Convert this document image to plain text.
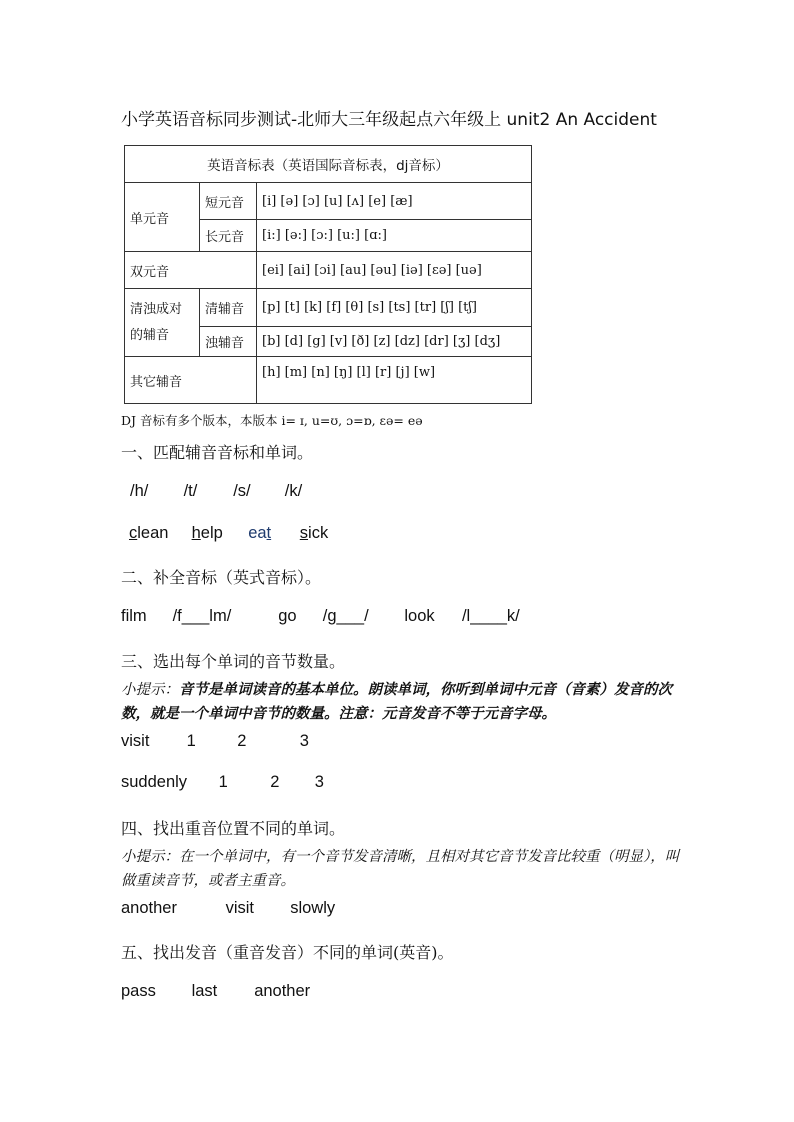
小学英语音标同步测试-北师大三年级起点六年级上 unit2 An Accident
英语音标表（英语国际音标表，dj音标）		
单元音	短元音	[i] [ə] [ɔ] [u] [ʌ] [e] [æ]
	长元音	[i:] [ə:] [ɔ:] [u:] [ɑ:]
双元音		[ei] [ai] [ɔi] [au] [əu] [iə] [ɛə] [uə]
清浊成对的辅音	清辅音	[p] [t] [k] [f] [θ] [s] [ts] [tr] [ʃ] [tʃ]
	浊辅音	[b] [d] [g] [v] [ð] [z] [dz] [dr] [ʒ] [dʒ]
其它辅音		[h] [m] [n] [ŋ] [l] [r] [j] [w]
DJ 音标有多个版本，本版本 i= ɪ, u=ʊ, ɔ=ɒ, ɛə= eə
一、匹配辅音音标和单词。
/h/ /t/ /s/ /k/
clean help eat sick
二、补全音标（英式音标）。
film /f___lm/	go /g___/ look /l____k/
三、选出每个单词的音节数量。
小提示：音节是单词读音的基本单位。朗读单词，你听到单词中元音（音素）发音的次数，就是一个单词中音节的数量。注意：元音发音不等于元音字母。
visit 1	2	3
suddenly 1	2 3
四、找出重音位置不同的单词。
小提示：在一个单词中，有一个音节发音清晰，且相对其它音节发音比较重（明显），叫做重读音节，或者主重音。
another	visit slowly
五、找出发音（重音发音）不同的单词(英音)。
pass last another
